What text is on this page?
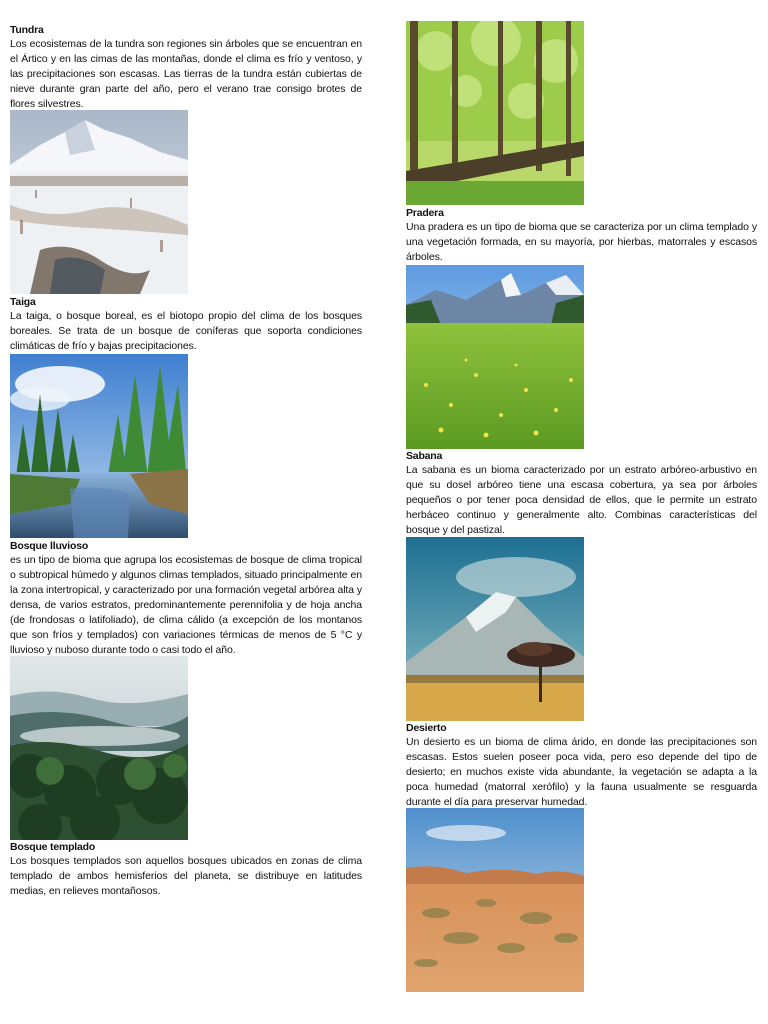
Tundra
Los ecosistemas de la tundra son regiones sin árboles que se encuentran en el Ártico y en las cimas de las montañas, donde el clima es frío y ventoso, y las precipitaciones son escasas. Las tierras de la tundra están cubiertas de nieve durante gran parte del año, pero el verano trae consigo brotes de flores silvestres.
Taiga
La taiga, o bosque boreal, es el biotopo propio del clima de los bosques boreales. Se trata de un bosque de coníferas que soporta condiciones climáticas de frío y bajas precipitaciones.
Bosque lluvioso
es un tipo de bioma que agrupa los ecosistemas de bosque de clima tropical o subtropical húmedo y algunos climas templados, situado principalmente en la zona intertropical, y caracterizado por una formación vegetal arbórea alta y densa, de varios estratos, predominantemente perennifolia y de hoja ancha (de frondosas o latifoliado), de clima cálido (a excepción de los montanos que son fríos y templados) con variaciones térmicas de menos de 5 °C y lluvioso y nuboso durante todo o casi todo el año.
Bosque templado
Los bosques templados son aquellos bosques ubicados en zonas de clima templado de ambos hemisferios del planeta, se distribuye en latitudes medias, en relieves montañosos.
Pradera
Una pradera es un tipo de bioma que se caracteriza por un clima templado y una vegetación formada, en su mayoría, por hierbas, matorrales y escasos árboles.
Sabana
La sabana es un bioma caracterizado por un estrato arbóreo-arbustivo en que su dosel arbóreo tiene una escasa cobertura, ya sea por árboles pequeños o por tener poca densidad de ellos, que le permite un estrato herbáceo continuo y generalmente alto. Combinas características del bosque y del pastizal.
Desierto
Un desierto es un bioma de clima árido, en donde las precipitaciones son escasas. Estos suelen poseer poca vida, pero eso depende del tipo de desierto; en muchos existe vida abundante, la vegetación se adapta a la poca humedad (matorral xerófilo) y la fauna usualmente se resguarda durante el día para preservar humedad.
